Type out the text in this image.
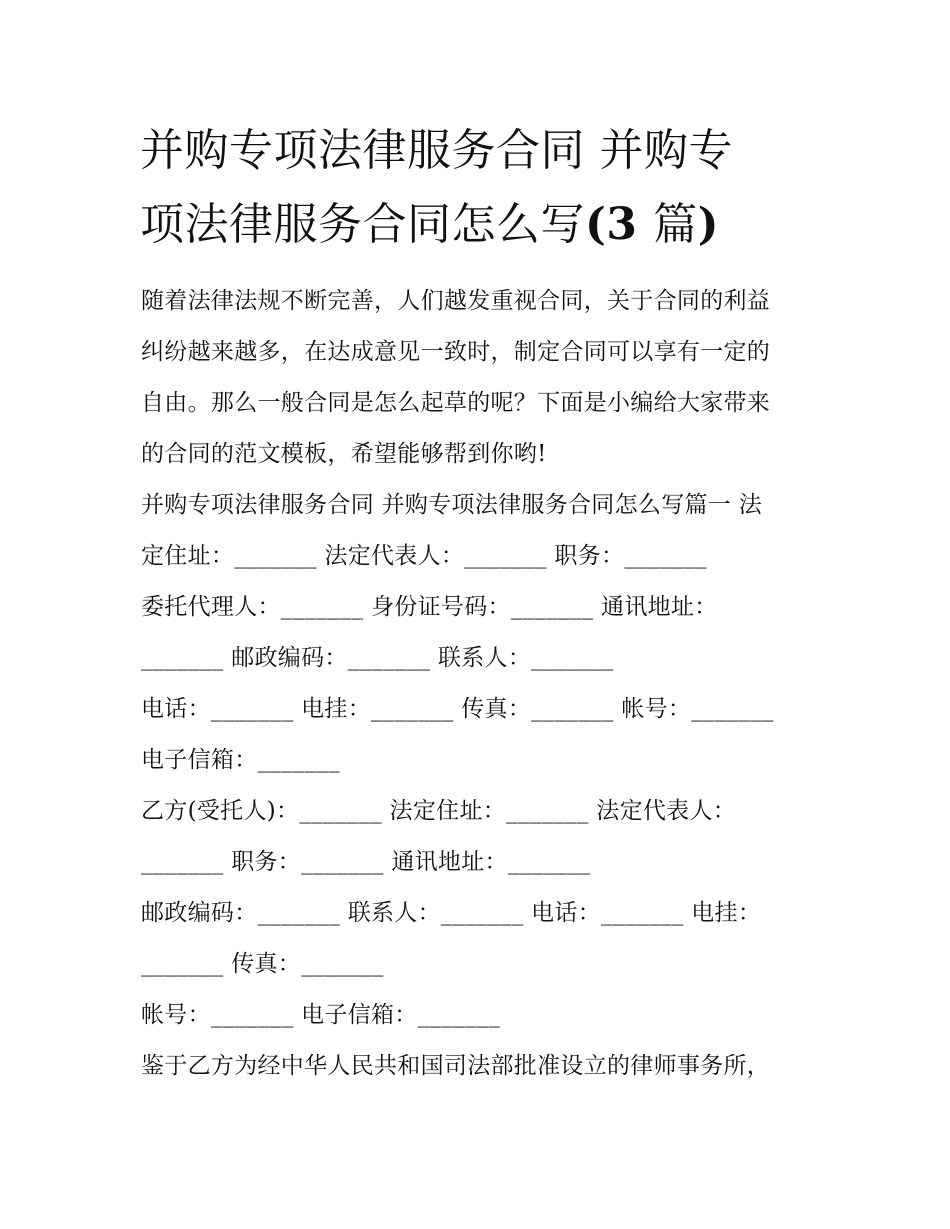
并购专项法律服务合同 并购专
项法律服务合同怎么写(3 篇)
随着法律法规不断完善，人们越发重视合同，关于合同的利益
纠纷越来越多，在达成意见一致时，制定合同可以享有一定的
自由。那么一般合同是怎么起草的呢？下面是小编给大家带来
的合同的范文模板，希望能够帮到你哟!
并购专项法律服务合同 并购专项法律服务合同怎么写篇一 法
定住址：_______ 法定代表人：_______ 职务：_______
委托代理人：_______ 身份证号码：_______ 通讯地址：
_______ 邮政编码：_______ 联系人：_______
电话：_______ 电挂：_______ 传真：_______ 帐号：_______
电子信箱：_______
乙方(受托人)：_______ 法定住址：_______ 法定代表人：
_______ 职务：_______ 通讯地址：_______
邮政编码：_______ 联系人：_______ 电话：_______ 电挂：
_______ 传真：_______
帐号：_______ 电子信箱：_______
鉴于乙方为经中华人民共和国司法部批准设立的律师事务所，
